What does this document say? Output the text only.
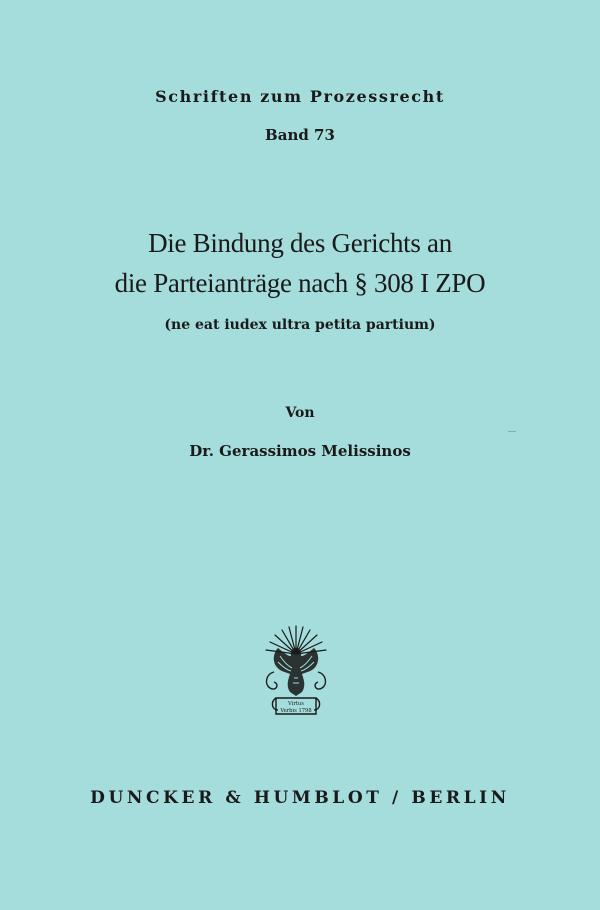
Schriften zum Prozessrecht
Band 73
Die Bindung des Gerichts an
die Parteianträge nach § 308 I ZPO
(ne eat iudex ultra petita partium)
Von
Dr. Gerassimos Melissinos
Virtus
Verbis 1798
DUNCKER & HUMBLOT / BERLIN
